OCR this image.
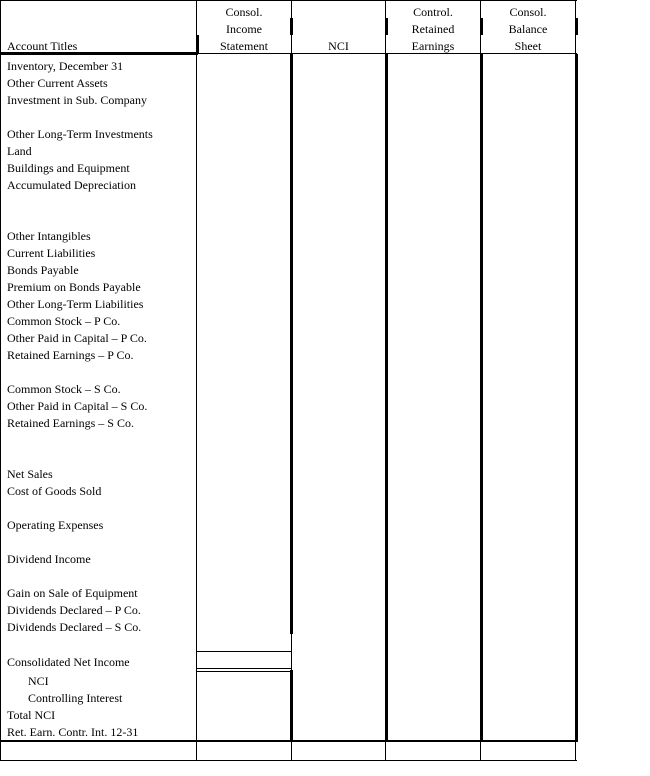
Account Titles
Consol.
Income
Statement

	NCI
Control.
Retained
Earnings
Consol.
Balance
Sheet
Inventory, December 31
Other Current Assets
Investment in Sub. Company
Other Long-Term Investments
Land
Buildings and Equipment
Accumulated Depreciation
Other Intangibles
Current Liabilities
Bonds Payable
Premium on Bonds Payable
Other Long-Term Liabilities
Common Stock – P Co.
Other Paid in Capital – P Co.
Retained Earnings – P Co.
Common Stock – S Co.
Other Paid in Capital – S Co.
Retained Earnings – S Co.
Net Sales
Cost of Goods Sold
Operating Expenses
Dividend Income
Gain on Sale of Equipment
Dividends Declared – P Co.
Dividends Declared – S Co.
Consolidated Net Income
NCI
Controlling Interest
Total NCI
Ret. Earn. Contr. Int. 12-31
